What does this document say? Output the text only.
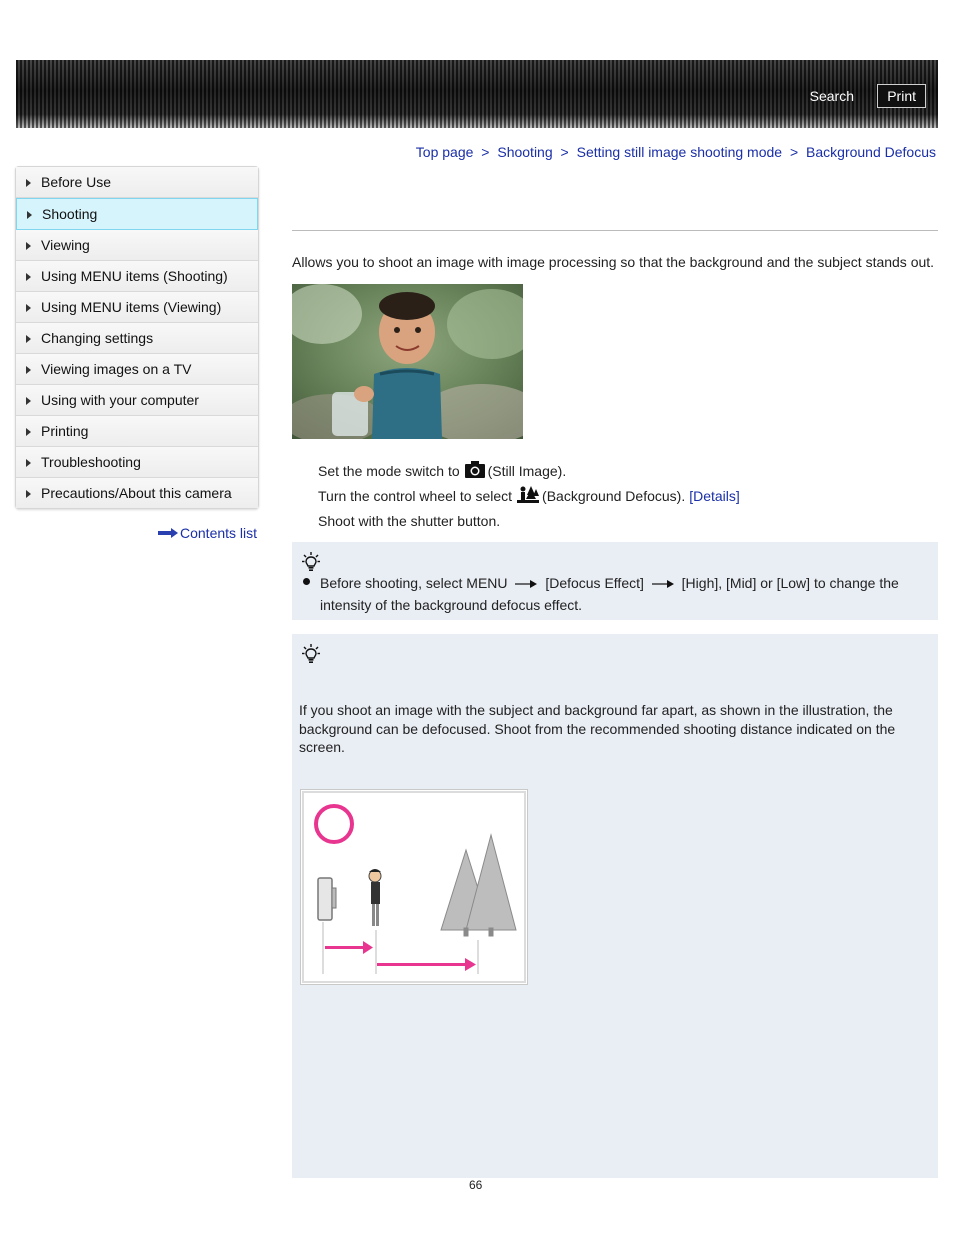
Search	Print
Top page > Shooting > Setting still image shooting mode > Background Defocus
Before Use
Shooting
Viewing
Using MENU items (Shooting)
Using MENU items (Viewing)
Changing settings
Viewing images on a TV
Using with your computer
Printing
Troubleshooting
Precautions/About this camera
Contents list
Allows you to shoot an image with image processing so that the background and the subject stands out.
Set the mode switch to (Still Image).
Turn the control wheel to select (Background Defocus). [Details]
Shoot with the shutter button.
Before shooting, select MENU	[Defocus Effect]	[High], [Mid] or [Low] to change the intensity of the background defocus effect.
If you shoot an image with the subject and background far apart, as shown in the illustration, the background can be defocused. Shoot from the recommended shooting distance indicated on the screen.
66
